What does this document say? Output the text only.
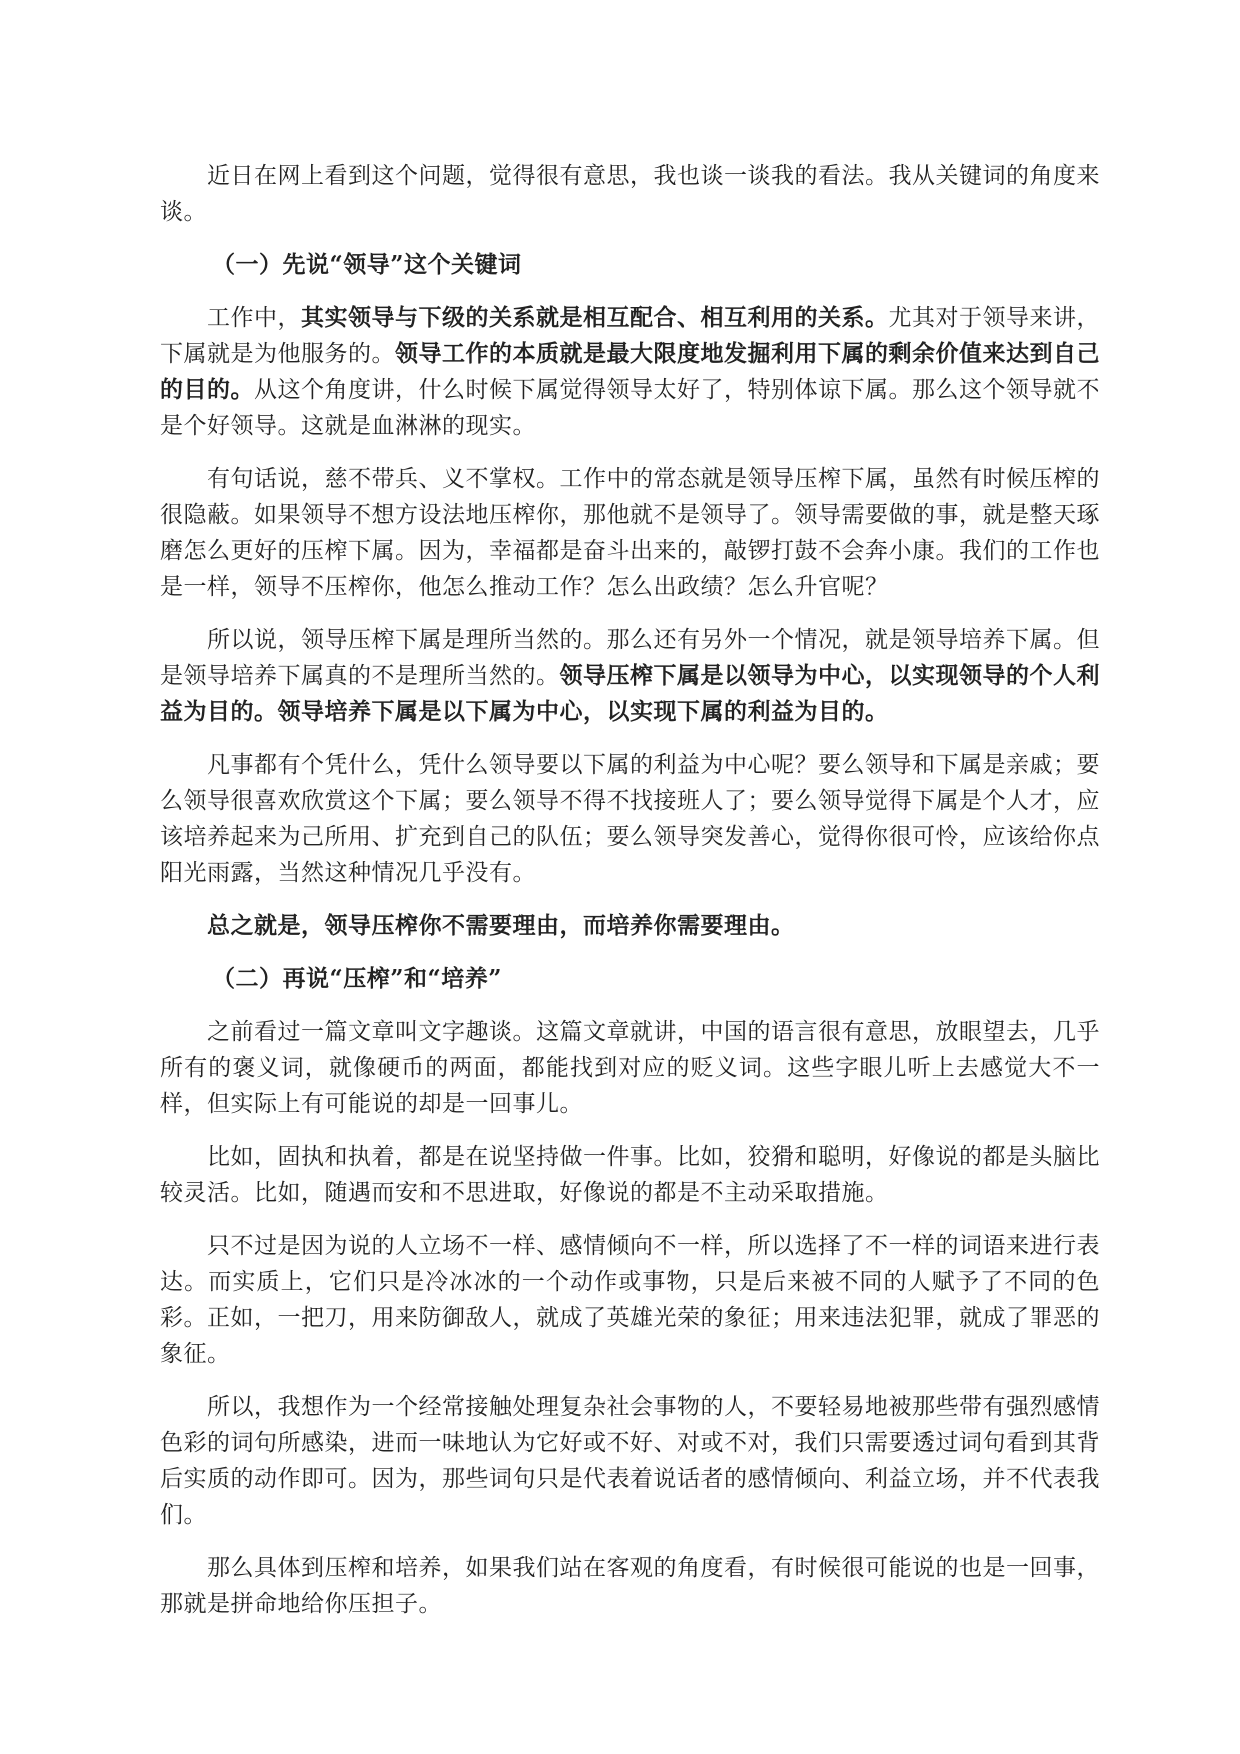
近日在网上看到这个问题，觉得很有意思，我也谈一谈我的看法。我从关键词的角度来谈。

（一）先说“领导”这个关键词

工作中，其实领导与下级的关系就是相互配合、相互利用的关系。尤其对于领导来讲，下属就是为他服务的。领导工作的本质就是最大限度地发掘利用下属的剩余价值来达到自己的目的。从这个角度讲，什么时候下属觉得领导太好了，特别体谅下属。那么这个领导就不是个好领导。这就是血淋淋的现实。

有句话说，慈不带兵、义不掌权。工作中的常态就是领导压榨下属，虽然有时候压榨的很隐蔽。如果领导不想方设法地压榨你，那他就不是领导了。领导需要做的事，就是整天琢磨怎么更好的压榨下属。因为，幸福都是奋斗出来的，敲锣打鼓不会奔小康。我们的工作也是一样，领导不压榨你，他怎么推动工作？怎么出政绩？怎么升官呢？

所以说，领导压榨下属是理所当然的。那么还有另外一个情况，就是领导培养下属。但是领导培养下属真的不是理所当然的。领导压榨下属是以领导为中心，以实现领导的个人利益为目的。领导培养下属是以下属为中心，以实现下属的利益为目的。

凡事都有个凭什么，凭什么领导要以下属的利益为中心呢？要么领导和下属是亲戚；要么领导很喜欢欣赏这个下属；要么领导不得不找接班人了；要么领导觉得下属是个人才，应该培养起来为己所用、扩充到自己的队伍；要么领导突发善心，觉得你很可怜，应该给你点阳光雨露，当然这种情况几乎没有。

总之就是，领导压榨你不需要理由，而培养你需要理由。

（二）再说“压榨”和“培养”

之前看过一篇文章叫文字趣谈。这篇文章就讲，中国的语言很有意思，放眼望去，几乎所有的褒义词，就像硬币的两面，都能找到对应的贬义词。这些字眼儿听上去感觉大不一样，但实际上有可能说的却是一回事儿。

比如，固执和执着，都是在说坚持做一件事。比如，狡猾和聪明，好像说的都是头脑比较灵活。比如，随遇而安和不思进取，好像说的都是不主动采取措施。

只不过是因为说的人立场不一样、感情倾向不一样，所以选择了不一样的词语来进行表达。而实质上，它们只是冷冰冰的一个动作或事物，只是后来被不同的人赋予了不同的色彩。正如，一把刀，用来防御敌人，就成了英雄光荣的象征；用来违法犯罪，就成了罪恶的象征。

所以，我想作为一个经常接触处理复杂社会事物的人，不要轻易地被那些带有强烈感情色彩的词句所感染，进而一味地认为它好或不好、对或不对，我们只需要透过词句看到其背后实质的动作即可。因为，那些词句只是代表着说话者的感情倾向、利益立场，并不代表我们。

那么具体到压榨和培养，如果我们站在客观的角度看，有时候很可能说的也是一回事，那就是拼命地给你压担子。
